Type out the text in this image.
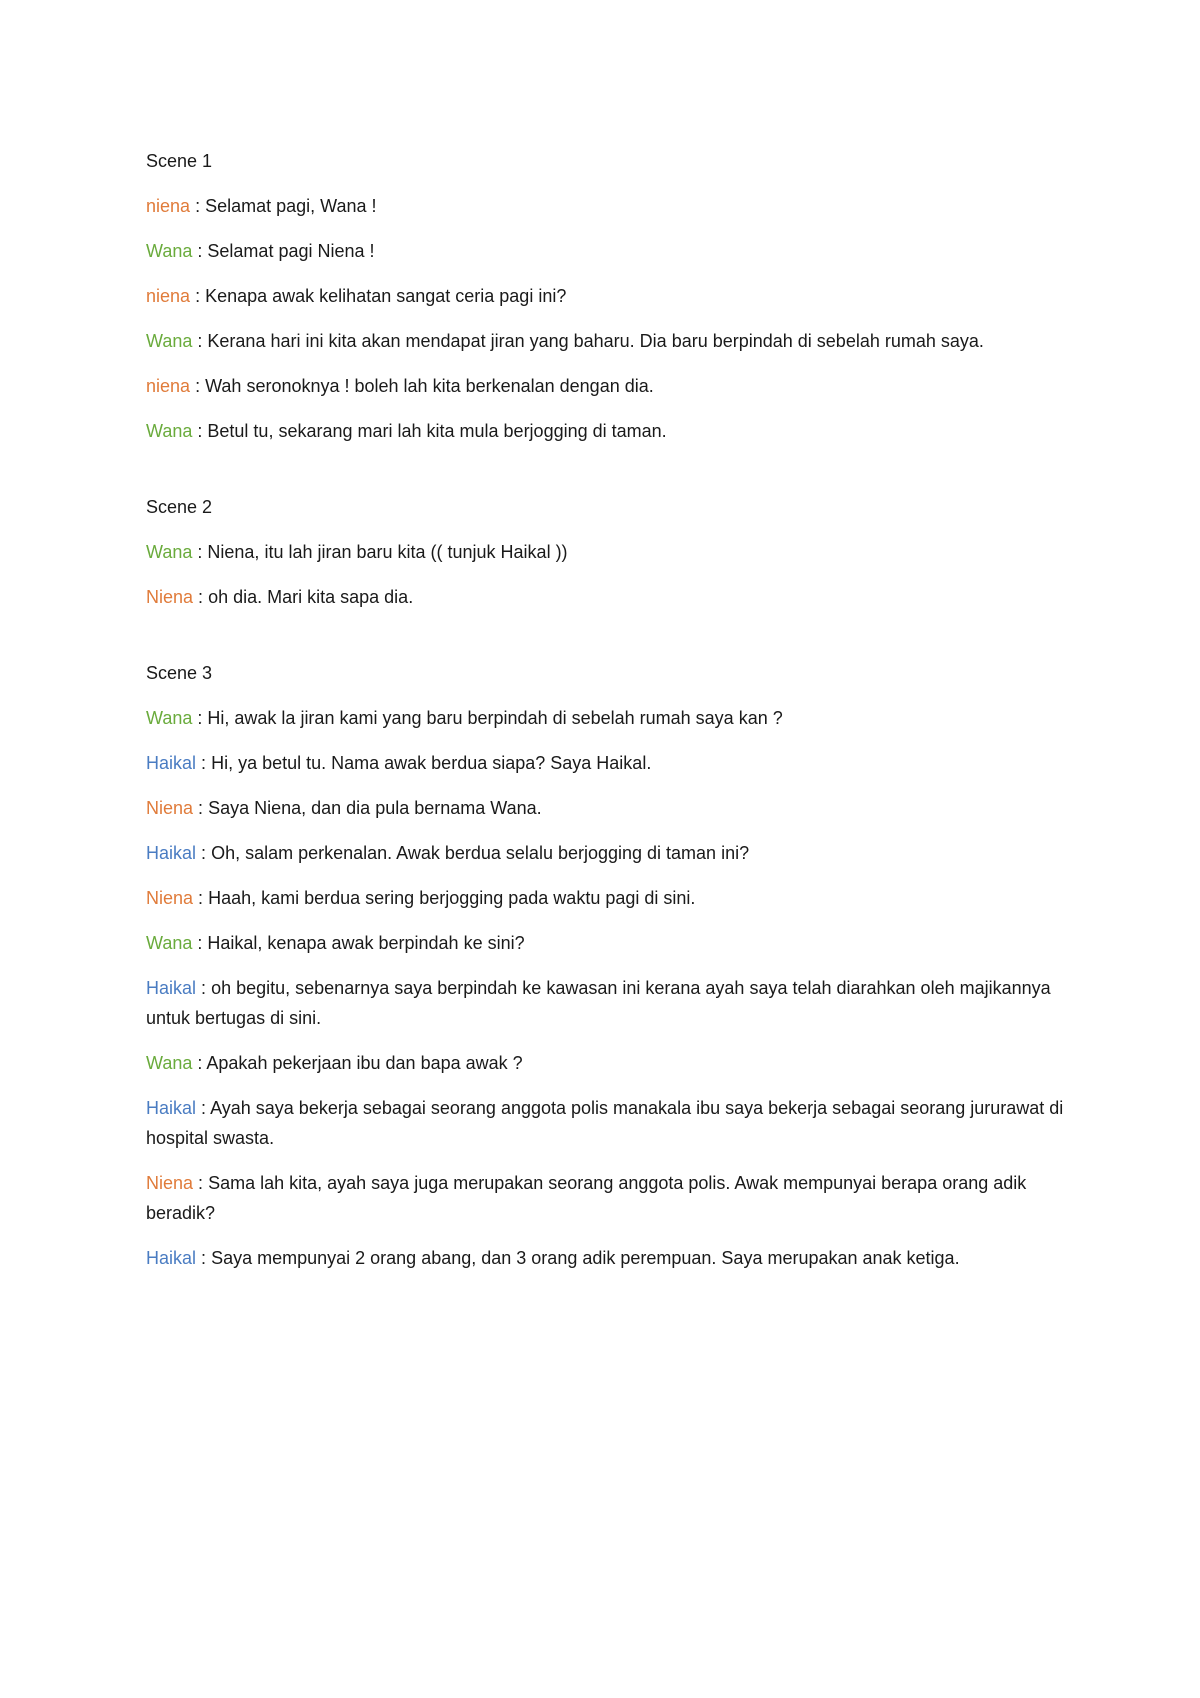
Scene 1

niena : Selamat pagi, Wana !

Wana : Selamat pagi Niena !

niena : Kenapa awak kelihatan sangat ceria pagi ini?

Wana : Kerana hari ini kita akan mendapat jiran yang baharu. Dia baru berpindah di sebelah rumah saya.

niena : Wah seronoknya ! boleh lah kita berkenalan dengan dia.

Wana : Betul tu, sekarang mari lah kita mula berjogging di taman.

Scene 2

Wana : Niena, itu lah jiran baru kita (( tunjuk Haikal ))

Niena : oh dia. Mari kita sapa dia.

Scene 3

Wana : Hi, awak la jiran kami yang baru berpindah di sebelah rumah saya kan ?

Haikal : Hi, ya betul tu. Nama awak berdua siapa? Saya Haikal.

Niena : Saya Niena, dan dia pula bernama Wana.

Haikal : Oh, salam perkenalan. Awak berdua selalu berjogging di taman ini?

Niena : Haah, kami berdua sering berjogging pada waktu pagi di sini.

Wana : Haikal, kenapa awak berpindah ke sini?

Haikal : oh begitu, sebenarnya saya berpindah ke kawasan ini kerana ayah saya telah diarahkan oleh majikannya untuk bertugas di sini.

Wana : Apakah pekerjaan ibu dan bapa awak ?

Haikal : Ayah saya bekerja sebagai seorang anggota polis manakala ibu saya bekerja sebagai seorang jururawat di hospital swasta.

Niena : Sama lah kita, ayah saya juga merupakan seorang anggota polis. Awak mempunyai berapa orang adik beradik?

Haikal : Saya mempunyai 2 orang abang, dan 3 orang adik perempuan. Saya merupakan anak ketiga.
